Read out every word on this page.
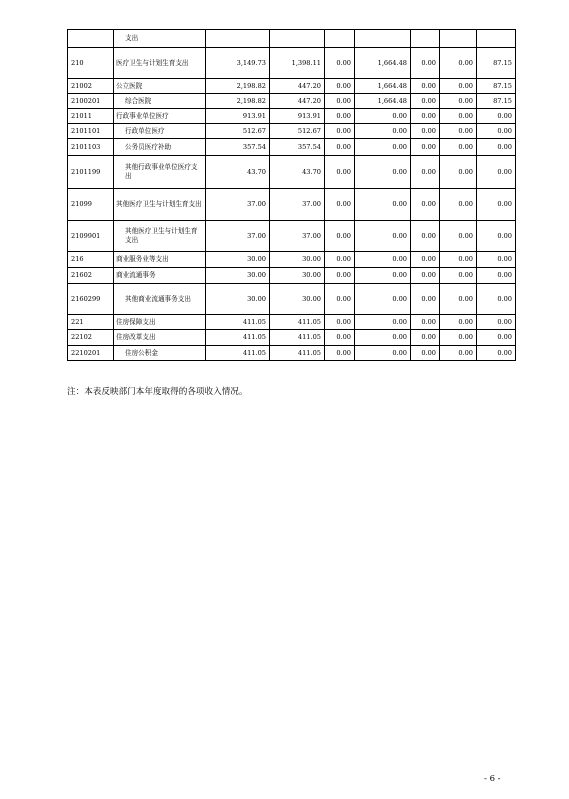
	支出							
210	医疗卫生与计划生育支出	3,149.73	1,398.11	0.00	1,664.48	0.00	0.00	87.15
21002	公立医院	2,198.82	447.20	0.00	1,664.48	0.00	0.00	87.15
2100201	综合医院	2,198.82	447.20	0.00	1,664.48	0.00	0.00	87.15
21011	行政事业单位医疗	913.91	913.91	0.00	0.00	0.00	0.00	0.00
2101101	行政单位医疗	512.67	512.67	0.00	0.00	0.00	0.00	0.00
2101103	公务员医疗补助	357.54	357.54	0.00	0.00	0.00	0.00	0.00
2101199	其他行政事业单位医疗支出	43.70	43.70	0.00	0.00	0.00	0.00	0.00
21099	其他医疗卫生与计划生育支出	37.00	37.00	0.00	0.00	0.00	0.00	0.00
2109901	其他医疗卫生与计划生育支出	37.00	37.00	0.00	0.00	0.00	0.00	0.00
216	商业服务业等支出	30.00	30.00	0.00	0.00	0.00	0.00	0.00
21602	商业流通事务	30.00	30.00	0.00	0.00	0.00	0.00	0.00
2160299	其他商业流通事务支出	30.00	30.00	0.00	0.00	0.00	0.00	0.00
221	住房保障支出	411.05	411.05	0.00	0.00	0.00	0.00	0.00
22102	住房改革支出	411.05	411.05	0.00	0.00	0.00	0.00	0.00
2210201	住房公积金	411.05	411.05	0.00	0.00	0.00	0.00	0.00
注：本表反映部门本年度取得的各项收入情况。
- 6 -
